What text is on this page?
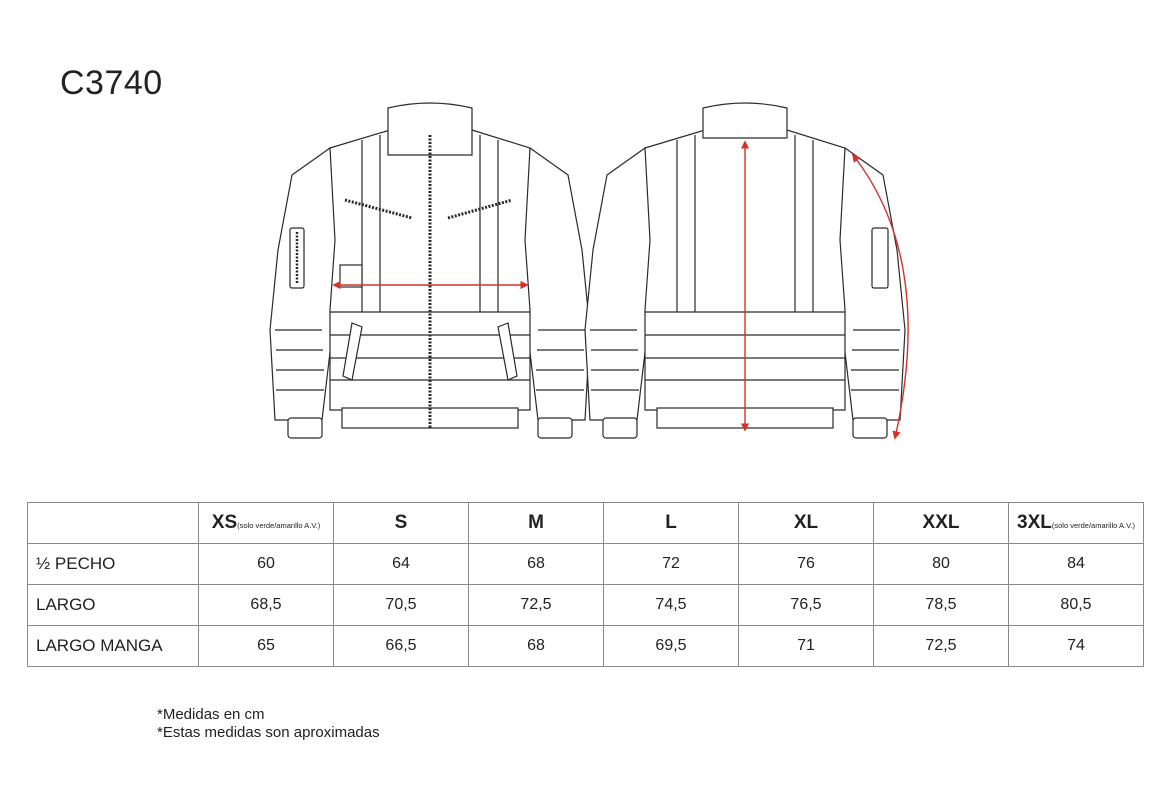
C3740
	XS(solo verde/amarillo A.V.)	S	M	L	XL	XXL	3XL(solo verde/amarillo A.V.)
½ PECHO	60	64	68	72	76	80	84
LARGO	68,5	70,5	72,5	74,5	76,5	78,5	80,5
LARGO MANGA	65	66,5	68	69,5	71	72,5	74
*Medidas en cm
*Estas medidas son aproximadas
